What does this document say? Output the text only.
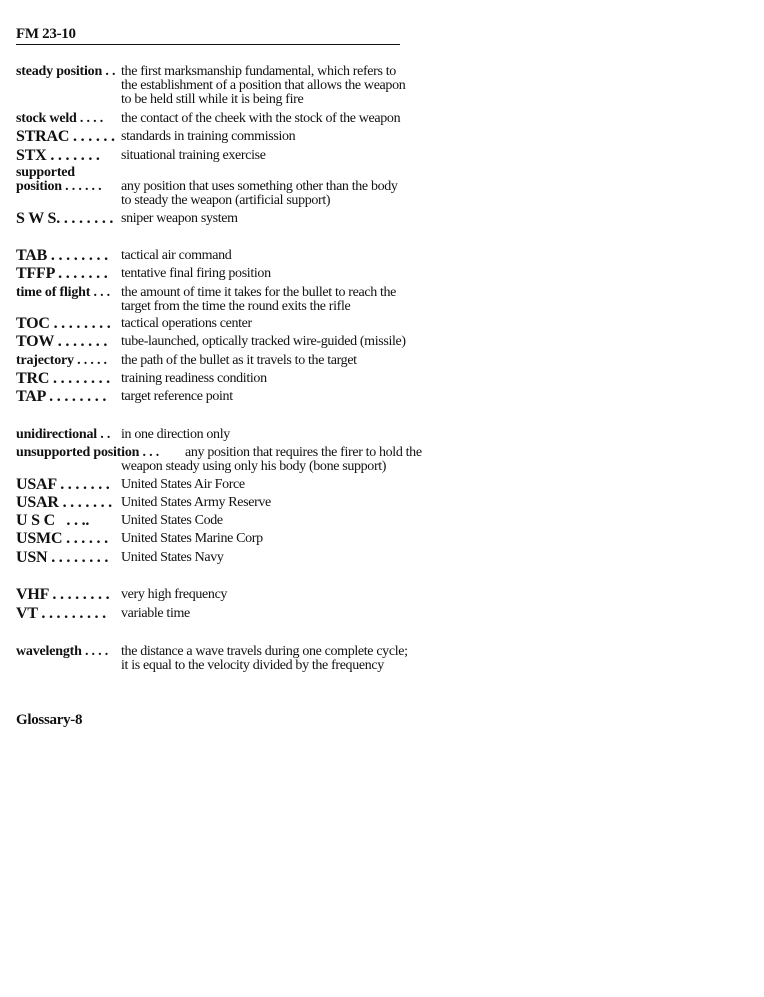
FM 23-10
steady position . . the first marksmanship fundamental, which refers to
the establishment of a position that allows the weapon
to be held still while it is being fire
stock weld . . . . the contact of the cheek with the stock of the weapon
STRAC . . . . . . standards in training commission
STX . . . . . . . situational training exercise
supported
position . . . . . . any position that uses something other than the body
to steady the weapon (artificial support)
S W S. . . . . . . . sniper weapon system
TAB . . . . . . . . tactical air command
TFFP . . . . . . . tentative final firing position
time of flight . . . the amount of time it takes for the bullet to reach the
target from the time the round exits the rifle
TOC . . . . . . . . tactical operations center
TOW . . . . . . . tube-launched, optically tracked wire-guided (missile)
trajectory . . . . . the path of the bullet as it travels to the target
TRC . . . . . . . . training readiness condition
TAP . . . . . . . . target reference point
unidirectional . . in one direction only
unsupported position . . .	any position that requires the firer to hold the
weapon steady using only his body (bone support)
USAF . . . . . . . United States Air Force
USAR . . . . . . . United States Army Reserve
U S C   . . .. United States Code
USMC . . . . . . United States Marine Corp
USN . . . . . . . . United States Navy
VHF . . . . . . . . very high frequency
VT . . . . . . . . . variable time
wavelength . . . . the distance a wave travels during one complete cycle;
it is equal to the velocity divided by the frequency
Glossary-8
